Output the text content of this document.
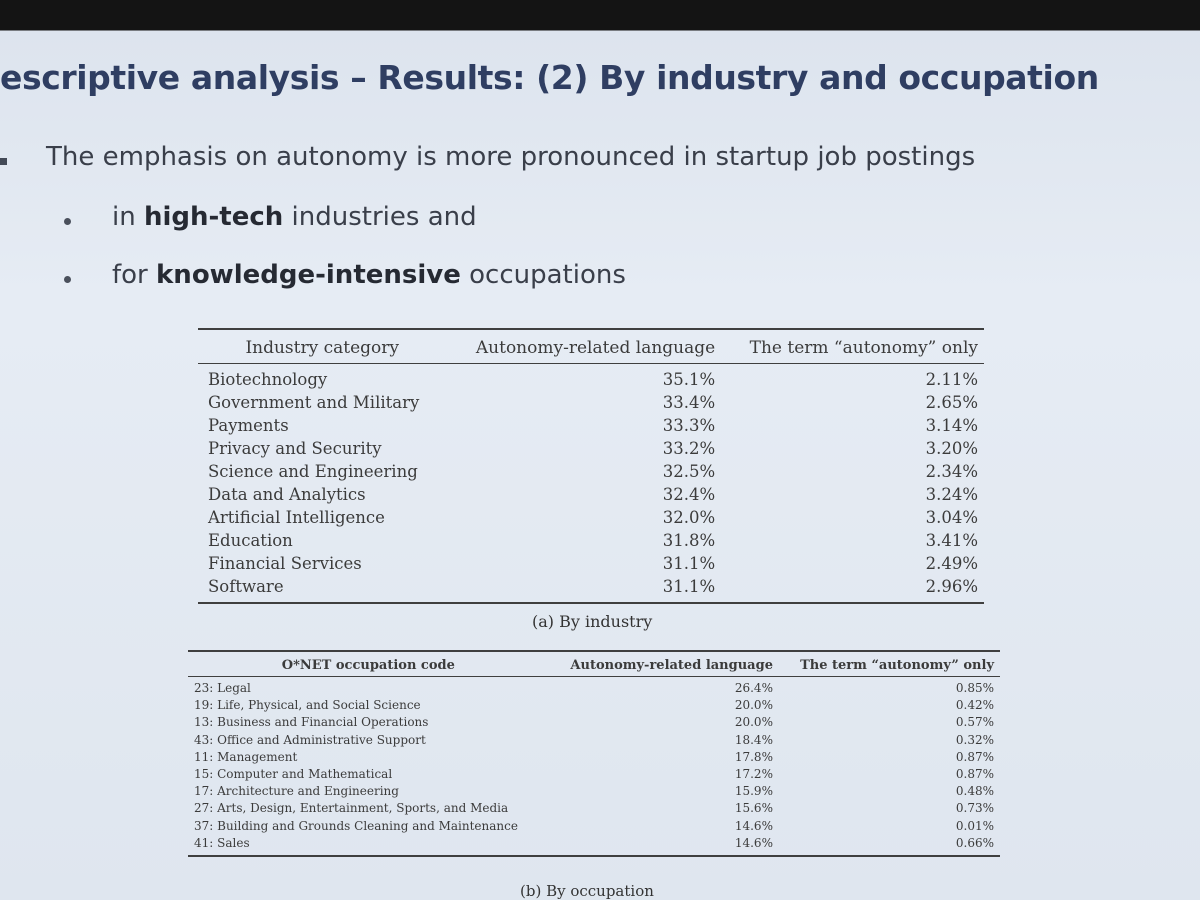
escriptive analysis – Results: (2) By industry and occupation

The emphasis on autonomy is more pronounced in startup job postings

in high-tech industries and

for knowledge-intensive occupations

Industry category	Autonomy-related language	The term “autonomy” only
Biotechnology	35.1%	2.11%
Government and Military	33.4%	2.65%
Payments	33.3%	3.14%
Privacy and Security	33.2%	3.20%
Science and Engineering	32.5%	2.34%
Data and Analytics	32.4%	3.24%
Artificial Intelligence	32.0%	3.04%
Education	31.8%	3.41%
Financial Services	31.1%	2.49%
Software	31.1%	2.96%

(a) By industry

O*NET occupation code	Autonomy-related language	The term “autonomy” only
23: Legal	26.4%	0.85%
19: Life, Physical, and Social Science	20.0%	0.42%
13: Business and Financial Operations	20.0%	0.57%
43: Office and Administrative Support	18.4%	0.32%
11: Management	17.8%	0.87%
15: Computer and Mathematical	17.2%	0.87%
17: Architecture and Engineering	15.9%	0.48%
27: Arts, Design, Entertainment, Sports, and Media	15.6%	0.73%
37: Building and Grounds Cleaning and Maintenance	14.6%	0.01%
41: Sales	14.6%	0.66%

(b) By occupation
